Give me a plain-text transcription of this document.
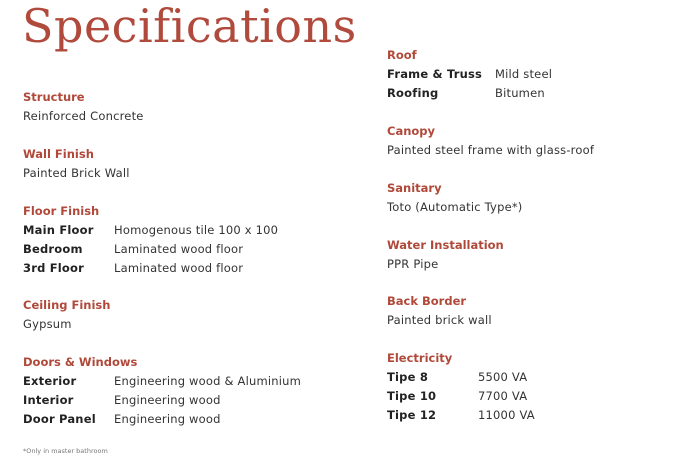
Specifications
Structure
Reinforced Concrete
Wall Finish
Painted Brick Wall
Floor Finish
Main Floor	Homogenous tile 100 x 100
Bedroom	Laminated wood floor
3rd Floor	Laminated wood floor
Ceiling Finish
Gypsum
Doors & Windows
Exterior	Engineering wood & Aluminium
Interior	Engineering wood
Door Panel	Engineering wood
Roof
Frame & Truss	Mild steel
Roofing	Bitumen
Canopy
Painted steel frame with glass-roof
Sanitary
Toto (Automatic Type*)
Water Installation
PPR Pipe
Back Border
Painted brick wall
Electricity
Tipe 8	5500 VA
Tipe 10	7700 VA
Tipe 12	11000 VA
*Only in master bathroom
